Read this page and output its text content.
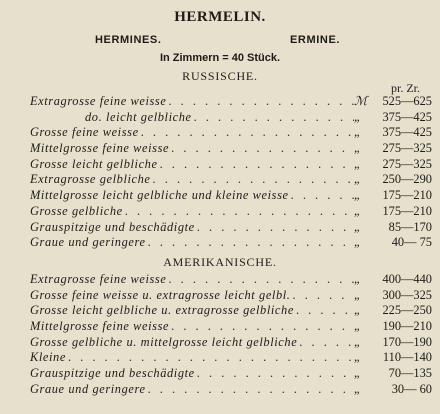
HERMELIN.
HERMINES.	ERMINE.
In Zimmern = 40 Stück.
RUSSISCHE.
pr. Zr.
Extragrosse feine weisse . . .	ℳ	525—625
do. leicht gelbliche . . .	„	375—425
Grosse feine weisse . . .	„	375—425
Mittelgrosse feine weisse . . .	„	275—325
Grosse leicht gelbliche . . .	„	275—325
Extragrosse gelbliche . . .	„	250—290
Mittelgrosse leicht gelbliche und kleine weisse . . .	„	175—210
Grosse gelbliche . . .	„	175—210
Grauspitzige und beschädigte . . .	„	85—170
Graue und geringere . . .	„	40— 75
AMERIKANISCHE.
Extragrosse feine weisse . . .	„	400—440
Grosse feine weisse u. extragrosse leicht gelbl. . . .	„	300—325
Grosse leicht gelbliche u. extragrosse gelbliche . . .	„	225—250
Mittelgrosse feine weisse . . .	„	190—210
Grosse gelbliche u. mittelgrosse leicht gelbliche . . .	„	170—190
Kleine . . .	„	110—140
Grauspitzige und beschädigte . . .	„	70—135
Graue und geringere . . .	„	30— 60
